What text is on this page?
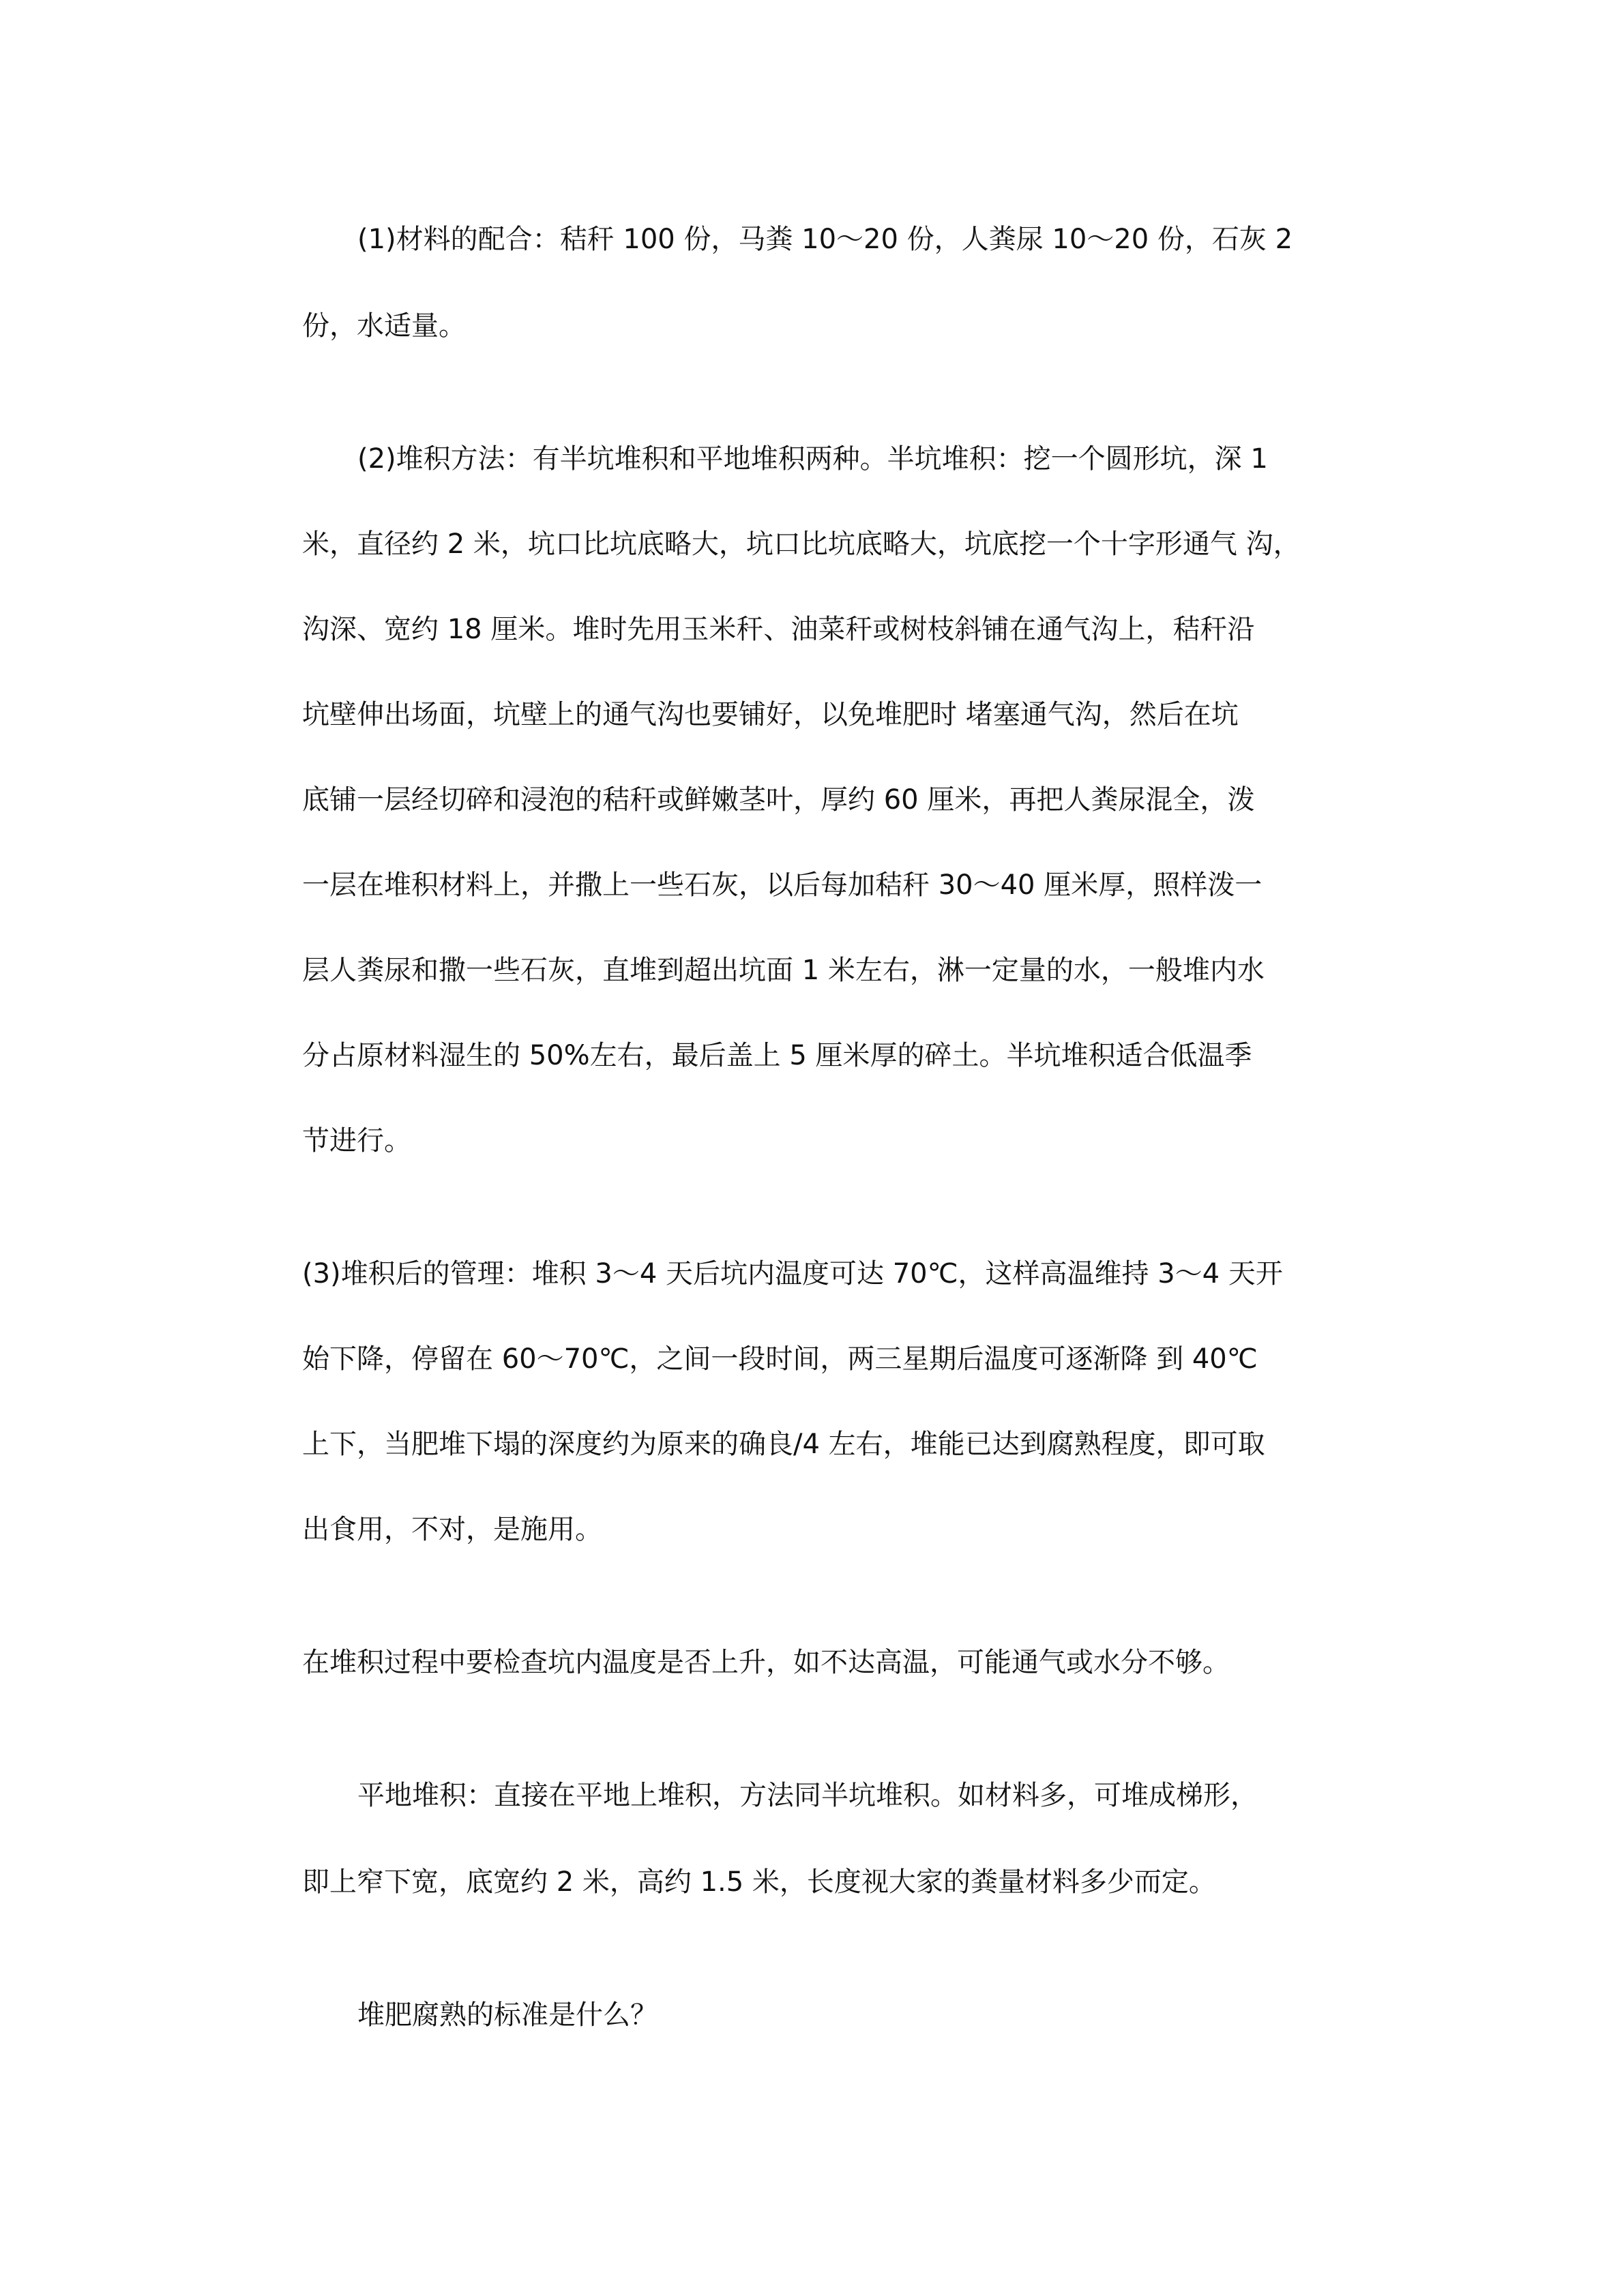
(1)材料的配合：秸秆 100 份，马粪 10～20 份，人粪尿 10～20 份，石灰 2

份，水适量。

(2)堆积方法：有半坑堆积和平地堆积两种。半坑堆积：挖一个圆形坑，深 1

米，直径约 2 米，坑口比坑底略大，坑口比坑底略大，坑底挖一个十字形通气 沟，

沟深、宽约 18 厘米。堆时先用玉米秆、油菜秆或树枝斜铺在通气沟上，秸秆沿

坑壁伸出场面，坑壁上的通气沟也要铺好，以免堆肥时 堵塞通气沟，然后在坑

底铺一层经切碎和浸泡的秸秆或鲜嫩茎叶，厚约 60 厘米，再把人粪尿混全，泼

一层在堆积材料上，并撒上一些石灰，以后每加秸秆 30～40 厘米厚，照样泼一

层人粪尿和撒一些石灰，直堆到超出坑面 1 米左右，淋一定量的水，一般堆内水

分占原材料湿生的 50%左右，最后盖上 5 厘米厚的碎土。半坑堆积适合低温季

节进行。

(3)堆积后的管理：堆积 3～4 天后坑内温度可达 70℃，这样高温维持 3～4 天开

始下降，停留在 60～70℃，之间一段时间，两三星期后温度可逐渐降 到 40℃

上下，当肥堆下塌的深度约为原来的确良/4 左右，堆能已达到腐熟程度，即可取

出食用，不对，是施用。

在堆积过程中要检查坑内温度是否上升，如不达高温，可能通气或水分不够。

平地堆积：直接在平地上堆积，方法同半坑堆积。如材料多，可堆成梯形，

即上窄下宽，底宽约 2 米，高约 1.5 米，长度视大家的粪量材料多少而定。

堆肥腐熟的标准是什么？
